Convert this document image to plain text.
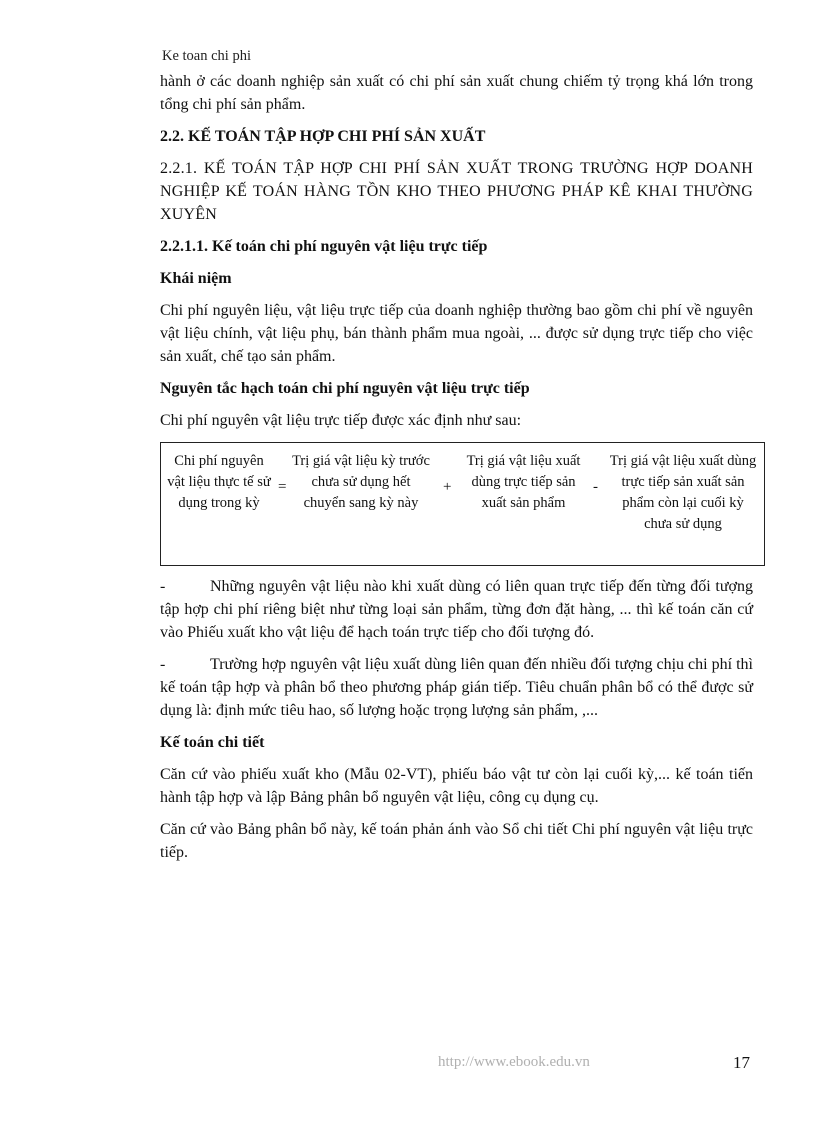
Ke toan chi phi

hành ở các doanh nghiệp sản xuất có chi phí sản xuất chung chiếm tỷ trọng khá lớn trong tổng chi phí sản phẩm.

2.2. KẾ TOÁN TẬP HỢP CHI PHÍ SẢN XUẤT

2.2.1. KẾ TOÁN TẬP HỢP CHI PHÍ SẢN XUẤT TRONG TRƯỜNG HỢP DOANH NGHIỆP KẾ TOÁN HÀNG TỒN KHO THEO PHƯƠNG PHÁP KÊ KHAI THƯỜNG XUYÊN

2.2.1.1. Kế toán chi phí nguyên vật liệu trực tiếp

Khái niệm

Chi phí nguyên liệu, vật liệu trực tiếp của doanh nghiệp thường bao gồm chi phí về nguyên vật liệu chính, vật liệu phụ, bán thành phẩm mua ngoài, ... được sử dụng trực tiếp cho việc sản xuất, chế tạo sản phẩm.

Nguyên tắc hạch toán chi phí nguyên vật liệu trực tiếp

Chi phí nguyên vật liệu trực tiếp được xác định như sau:

Chi phí nguyên vật liệu thực tế sử dụng trong kỳ
=
Trị giá vật liệu kỳ trước chưa sử dụng hết chuyển sang kỳ này
+
Trị giá vật liệu xuất dùng trực tiếp sản xuất sản phẩm
-
Trị giá vật liệu xuất dùng trực tiếp sản xuất sản phẩm còn lại cuối kỳ chưa sử dụng

-	Những nguyên vật liệu nào khi xuất dùng có liên quan trực tiếp đến từng đối tượng tập hợp chi phí riêng biệt như từng loại sản phẩm, từng đơn đặt hàng, ... thì kế toán căn cứ vào Phiếu xuất kho vật liệu để hạch toán trực tiếp cho đối tượng đó.

-	Trường hợp nguyên vật liệu xuất dùng liên quan đến nhiều đối tượng chịu chi phí thì kế toán tập hợp và phân bổ theo phương pháp gián tiếp. Tiêu chuẩn phân bổ có thể được sử dụng là: định mức tiêu hao, số lượng hoặc trọng lượng sản phẩm, ,...

Kế toán chi tiết

Căn cứ vào phiếu xuất kho (Mẫu 02-VT), phiếu báo vật tư còn lại cuối kỳ,... kế toán tiến hành tập hợp và lập Bảng phân bổ nguyên vật liệu, công cụ dụng cụ.

Căn cứ vào Bảng phân bổ này, kế toán phản ánh vào Sổ chi tiết Chi phí nguyên vật liệu trực tiếp.

http://www.ebook.edu.vn	17
